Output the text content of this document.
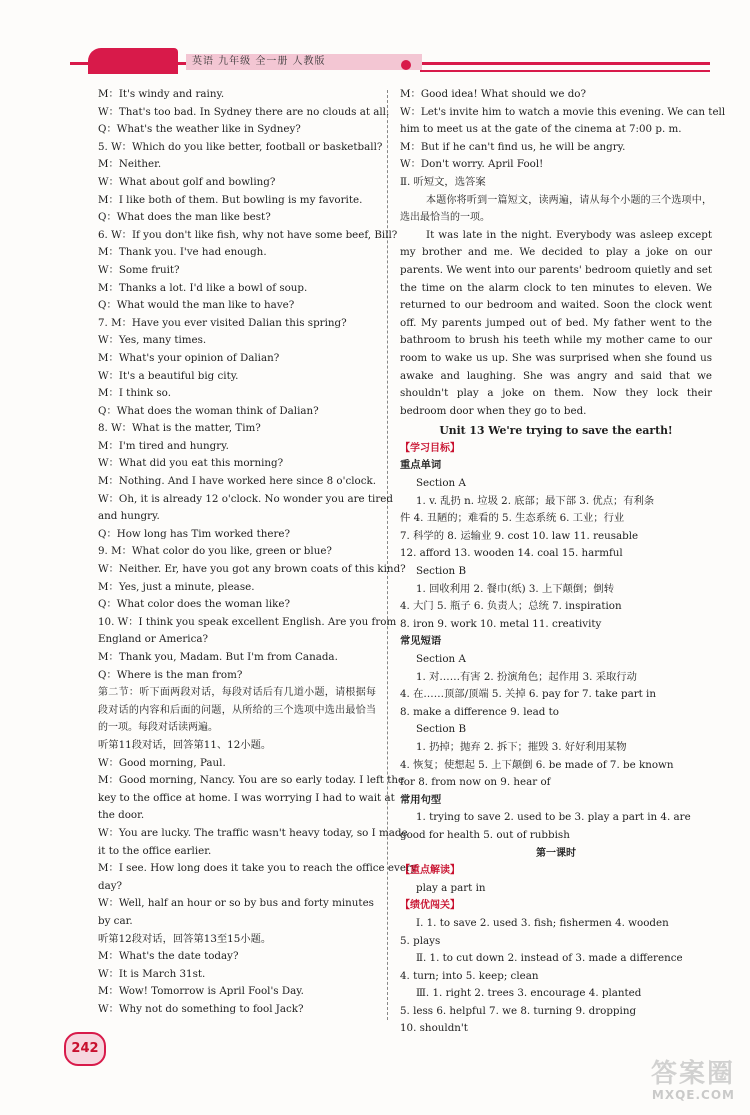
英语 九年级 全一册 人教版
M：It's windy and rainy.
W：That's too bad. In Sydney there are no clouds at all.
Q：What's the weather like in Sydney?
5. W：Which do you like better, football or basketball?
M：Neither.
W：What about golf and bowling?
M：I like both of them. But bowling is my favorite.
Q：What does the man like best?
6. W：If you don't like fish, why not have some beef, Bill?
M：Thank you. I've had enough.
W：Some fruit?
M：Thanks a lot. I'd like a bowl of soup.
Q：What would the man like to have?
7. M：Have you ever visited Dalian this spring?
W：Yes, many times.
M：What's your opinion of Dalian?
W：It's a beautiful big city.
M：I think so.
Q：What does the woman think of Dalian?
8. W：What is the matter, Tim?
M：I'm tired and hungry.
W：What did you eat this morning?
M：Nothing. And I have worked here since 8 o'clock.
W：Oh, it is already 12 o'clock. No wonder you are tired
and hungry.
Q：How long has Tim worked there?
9. M：What color do you like, green or blue?
W：Neither. Er, have you got any brown coats of this kind?
M：Yes, just a minute, please.
Q：What color does the woman like?
10. W：I think you speak excellent English. Are you from
England or America?
M：Thank you, Madam. But I'm from Canada.
Q：Where is the man from?
第二节：听下面两段对话，每段对话后有几道小题，请根据每段对话的内容和后面的问题，从所给的三个选项中选出最恰当的一项。每段对话读两遍。
听第11段对话，回答第11、12小题。
W：Good morning, Paul.
M：Good morning, Nancy. You are so early today. I left the
key to the office at home. I was worrying I had to wait at
the door.
W：You are lucky. The traffic wasn't heavy today, so I made
it to the office earlier.
M：I see. How long does it take you to reach the office every
day?
W：Well, half an hour or so by bus and forty minutes
by car.
听第12段对话，回答第13至15小题。
M：What's the date today?
W：It is March 31st.
M：Wow! Tomorrow is April Fool's Day.
W：Why not do something to fool Jack?
M：Good idea! What should we do?
W：Let's invite him to watch a movie this evening. We can tell
him to meet us at the gate of the cinema at 7:00 p. m.
M：But if he can't find us, he will be angry.
W：Don't worry. April Fool!
Ⅱ. 听短文，选答案
本题你将听到一篇短文，读两遍，请从每个小题的三个选项中，选出最恰当的一项。
It was late in the night. Everybody was asleep except my brother and me. We decided to play a joke on our parents. We went into our parents' bedroom quietly and set the time on the alarm clock to ten minutes to eleven. We returned to our bedroom and waited. Soon the clock went off. My parents jumped out of bed. My father went to the bathroom to brush his teeth while my mother came to our room to wake us up. She was surprised when she found us awake and laughing. She was angry and said that we shouldn't play a joke on them. Now they lock their bedroom door when they go to bed.
Unit 13 We're trying to save the earth!
【学习目标】
重点单词
Section A
1. v. 乱扔 n. 垃圾 2. 底部；最下部 3. 优点；有利条
件 4. 丑陋的；难看的 5. 生态系统 6. 工业；行业
7. 科学的 8. 运输业 9. cost 10. law 11. reusable
12. afford 13. wooden 14. coal 15. harmful
Section B
1. 回收利用 2. 餐巾(纸) 3. 上下颠倒；倒转
4. 大门 5. 瓶子 6. 负责人；总统 7. inspiration
8. iron 9. work 10. metal 11. creativity
常见短语
Section A
1. 对……有害 2. 扮演角色；起作用 3. 采取行动
4. 在……顶部/顶端 5. 关掉 6. pay for 7. take part in
8. make a difference 9. lead to
Section B
1. 扔掉；抛弃 2. 拆下；摧毁 3. 好好利用某物
4. 恢复；使想起 5. 上下颠倒 6. be made of 7. be known
for 8. from now on 9. hear of
常用句型
1. trying to save 2. used to be 3. play a part in 4. are
good for health 5. out of rubbish
第一课时
【重点解读】
play a part in
【绩优闯关】
Ⅰ. 1. to save 2. used 3. fish; fishermen 4. wooden
5. plays
Ⅱ. 1. to cut down 2. instead of 3. made a difference
4. turn; into 5. keep; clean
Ⅲ. 1. right 2. trees 3. encourage 4. planted
5. less 6. helpful 7. we 8. turning 9. dropping
10. shouldn't
242
答案圈
MXQE.COM
